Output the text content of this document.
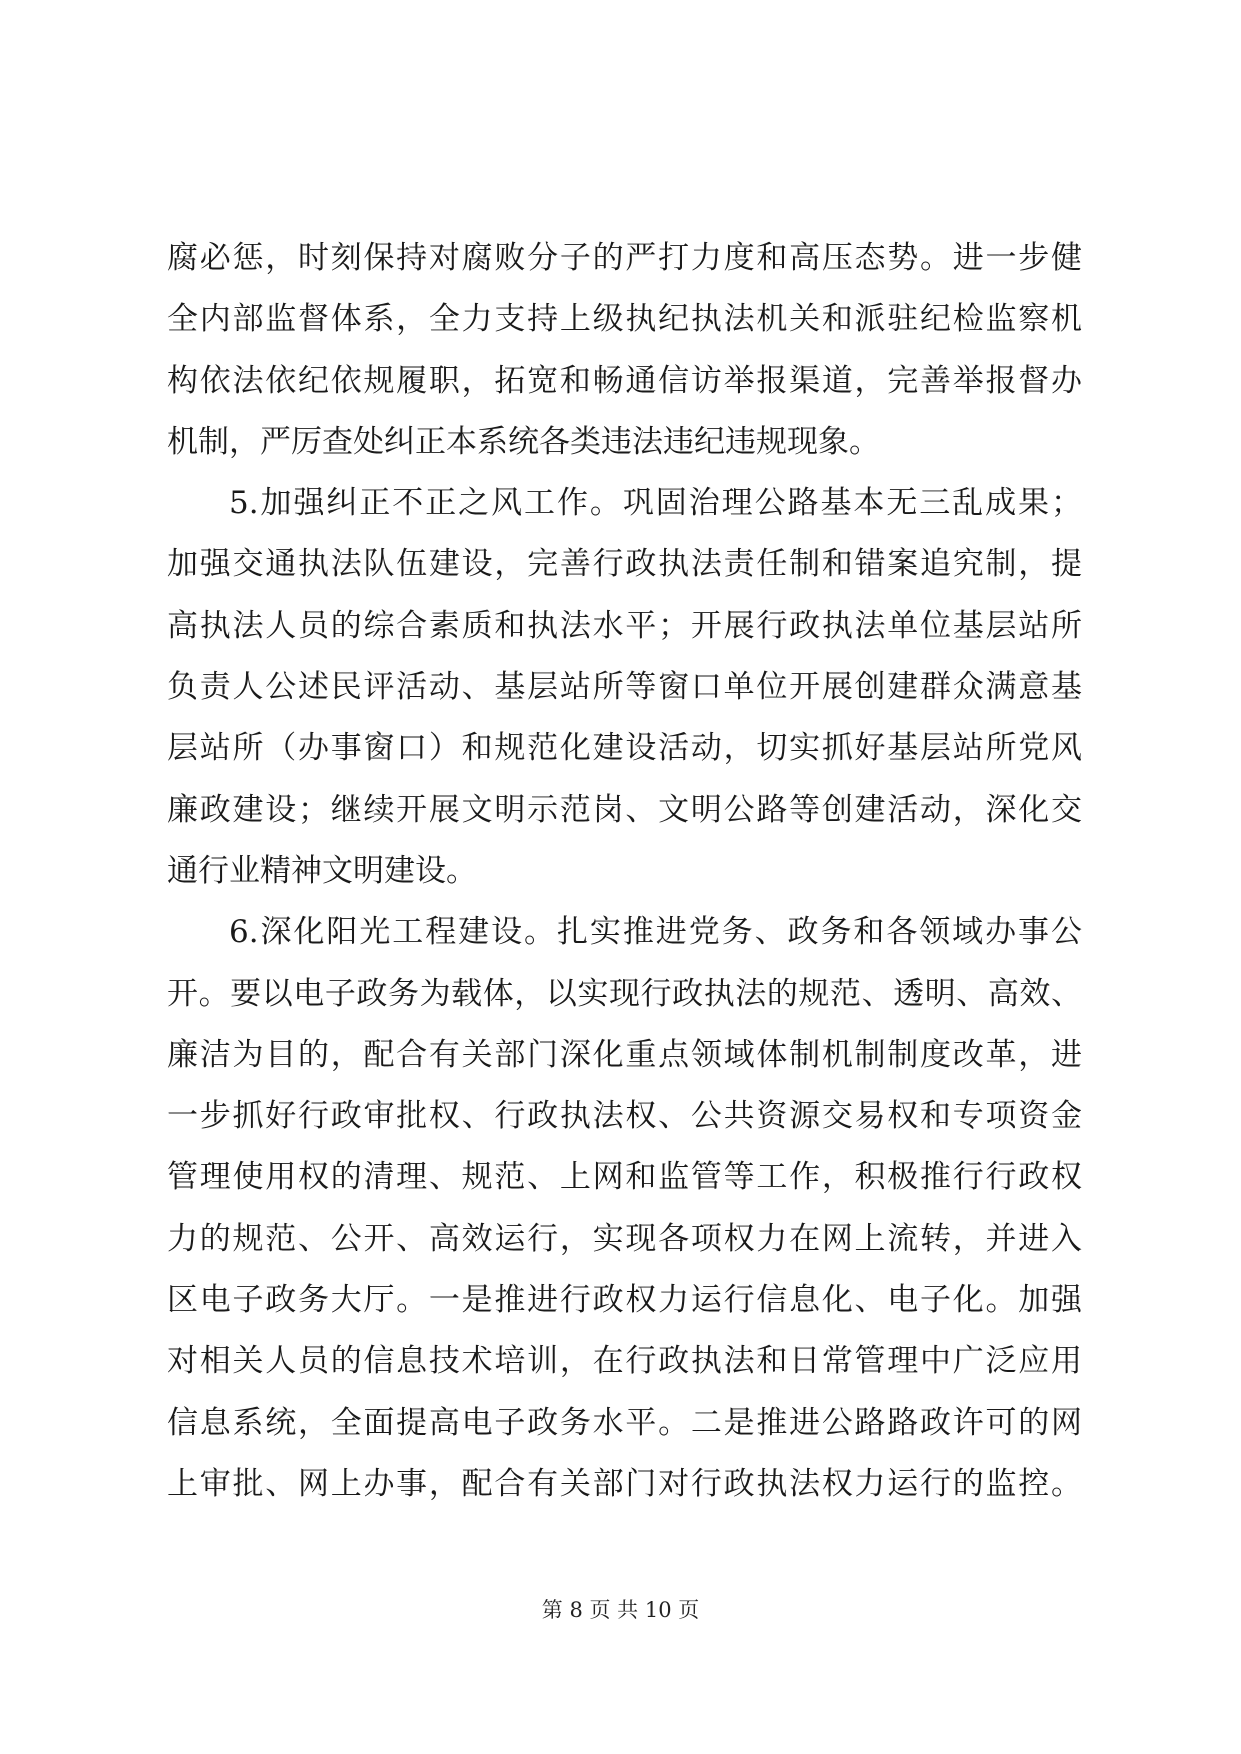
腐必惩，时刻保持对腐败分子的严打力度和高压态势。进一步健
全内部监督体系，全力支持上级执纪执法机关和派驻纪检监察机
构依法依纪依规履职，拓宽和畅通信访举报渠道，完善举报督办
机制，严厉查处纠正本系统各类违法违纪违规现象。
5.加强纠正不正之风工作。巩固治理公路基本无三乱成果；
加强交通执法队伍建设，完善行政执法责任制和错案追究制，提
高执法人员的综合素质和执法水平；开展行政执法单位基层站所
负责人公述民评活动、基层站所等窗口单位开展创建群众满意基
层站所（办事窗口）和规范化建设活动，切实抓好基层站所党风
廉政建设；继续开展文明示范岗、文明公路等创建活动，深化交
通行业精神文明建设。
6.深化阳光工程建设。扎实推进党务、政务和各领域办事公
开。要以电子政务为载体，以实现行政执法的规范、透明、高效、
廉洁为目的，配合有关部门深化重点领域体制机制制度改革，进
一步抓好行政审批权、行政执法权、公共资源交易权和专项资金
管理使用权的清理、规范、上网和监管等工作，积极推行行政权
力的规范、公开、高效运行，实现各项权力在网上流转，并进入
区电子政务大厅。一是推进行政权力运行信息化、电子化。加强
对相关人员的信息技术培训，在行政执法和日常管理中广泛应用
信息系统，全面提高电子政务水平。二是推进公路路政许可的网
上审批、网上办事，配合有关部门对行政执法权力运行的监控。
第 8 页 共 10 页
